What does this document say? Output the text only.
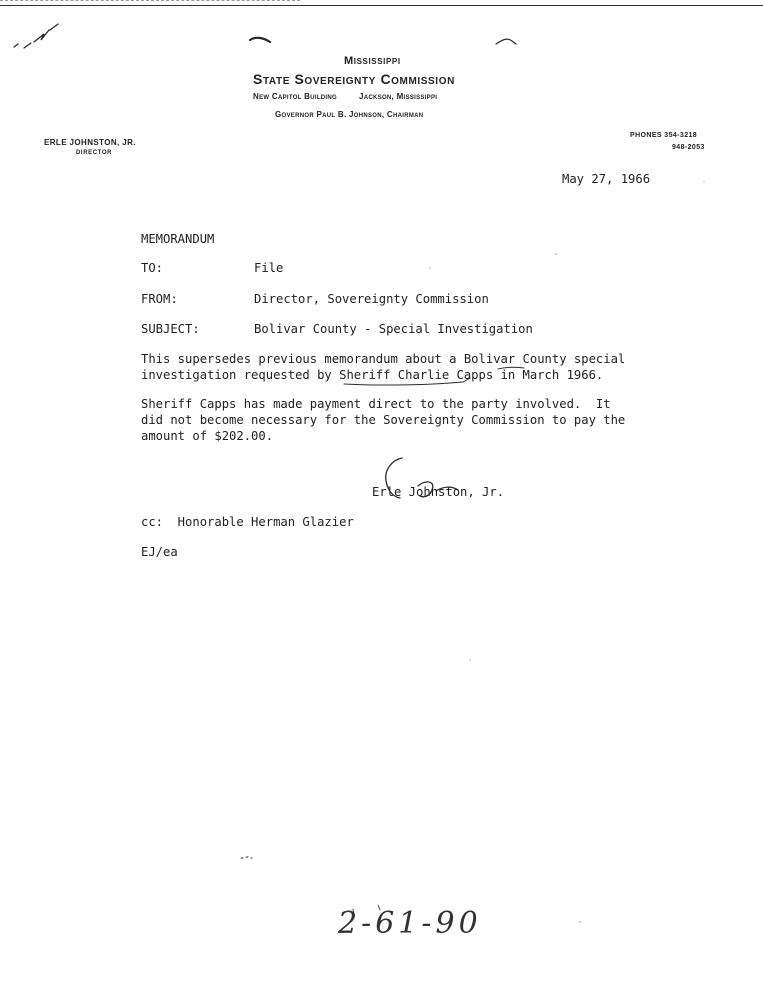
Mississippi
State Sovereignty Commission
New Capitol Building	Jackson, Mississippi
Governor Paul B. Johnson, Chairman
ERLE JOHNSTON, JR.
DIRECTOR
PHONES 354-3218
948-2053
May 27, 1966
MEMORANDUM
TO:	File
FROM:	Director, Sovereignty Commission
SUBJECT:	Bolivar County - Special Investigation
This supersedes previous memorandum about a Bolivar County special
investigation requested by Sheriff Charlie Capps in March 1966.
Sheriff Capps has made payment direct to the party involved.  It
did not become necessary for the Sovereignty Commission to pay the
amount of $202.00.
Erle Johnston, Jr.
cc:  Honorable Herman Glazier
EJ/ea
2-61-90
